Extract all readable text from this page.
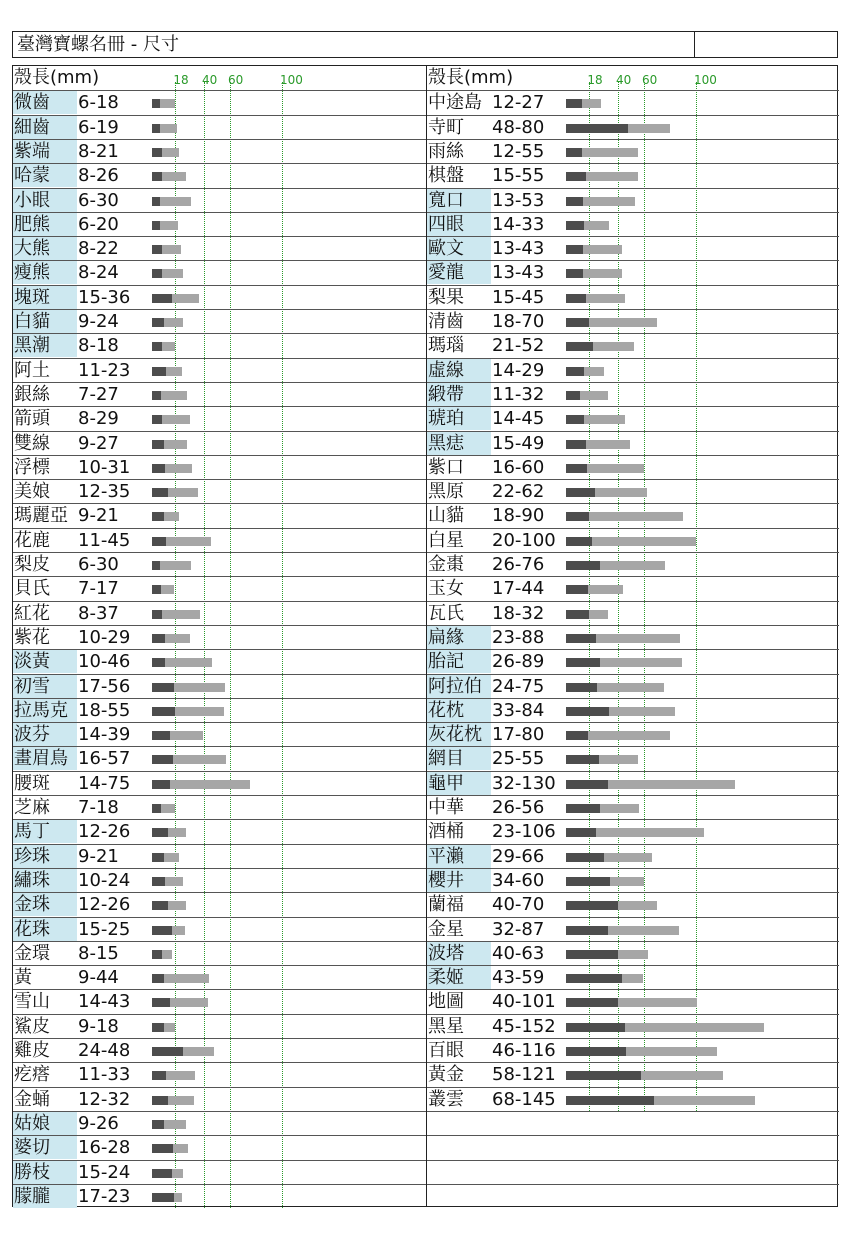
臺灣寶螺名冊 - 尺寸
殼長(mm)	18 40 60	100
微齒 6-18
細齒 6-19
紫端 8-21
哈蒙 8-26
小眼 6-30
肥熊 6-20
大熊 8-22
瘦熊 8-24
塊斑 15-36
白貓 9-24
黑潮 8-18
阿土 11-23
銀絲 7-27
箭頭 8-29
雙線 9-27
浮標 10-31
美娘 12-35
瑪麗亞 9-21
花鹿 11-45
梨皮 6-30
貝氏 7-17
紅花 8-37
紫花 10-29
淡黃 10-46
初雪 17-56
拉馬克 18-55
波芬 14-39
畫眉鳥 16-57
腰斑 14-75
芝麻 7-18
馬丁 12-26
珍珠 9-21
繡珠 10-24
金珠 12-26
花珠 15-25
金環 8-15
黃	9-44
雪山 14-43
鯊皮 9-18
雞皮 24-48
疙瘩 11-33
金蛹 12-32
姑娘 9-26
婆切 16-28
勝枝 15-24
朦朧 17-23
殼長(mm)	18 40 60	100
中途島 12-27
寺町 48-80
雨絲 12-55
棋盤 15-55
寬口 13-53
四眼 14-33
歐文 13-43
愛龍 13-43
梨果 15-45
清齒 18-70
瑪瑙 21-52
虛線 14-29
緞帶 11-32
琥珀 14-45
黑痣 15-49
紫口 16-60
黑原 22-62
山貓 18-90
白星 20-100
金棗 26-76
玉女 17-44
瓦氏 18-32
扁緣 23-88
胎記 26-89
阿拉伯 24-75
花枕 33-84
灰花枕 17-80
網目 25-55
龜甲 32-130
中華 26-56
酒桶 23-106
平瀨 29-66
櫻井 34-60
蘭福 40-70
金星 32-87
波塔 40-63
柔姬 43-59
地圖 40-101
黑星 45-152
百眼 46-116
黃金 58-121
叢雲 68-145
